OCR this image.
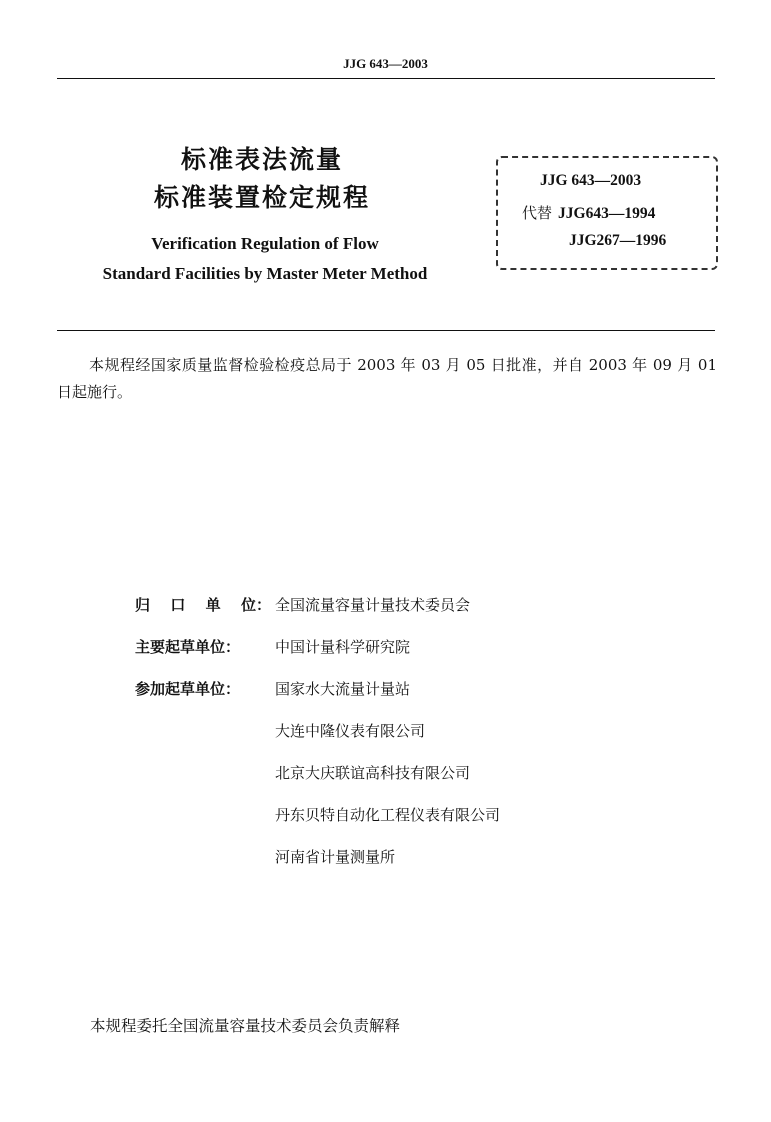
JJG 643—2003
标准表法流量
标准装置检定规程
Verification Regulation of Flow
Standard Facilities by Master Meter Method
JJG 643—2003
代替 JJG643—1994
JJG267—1996
本规程经国家质量监督检验检疫总局于 2003 年 03 月 05 日批准，并自 2003 年 09 月 01 日起施行。
归 口 单 位： 全国流量容量计量技术委员会
主要起草单位：	中国计量科学研究院
参加起草单位：	国家水大流量计量站
大连中隆仪表有限公司
北京大庆联谊高科技有限公司
丹东贝特自动化工程仪表有限公司
河南省计量测量所
本规程委托全国流量容量技术委员会负责解释
